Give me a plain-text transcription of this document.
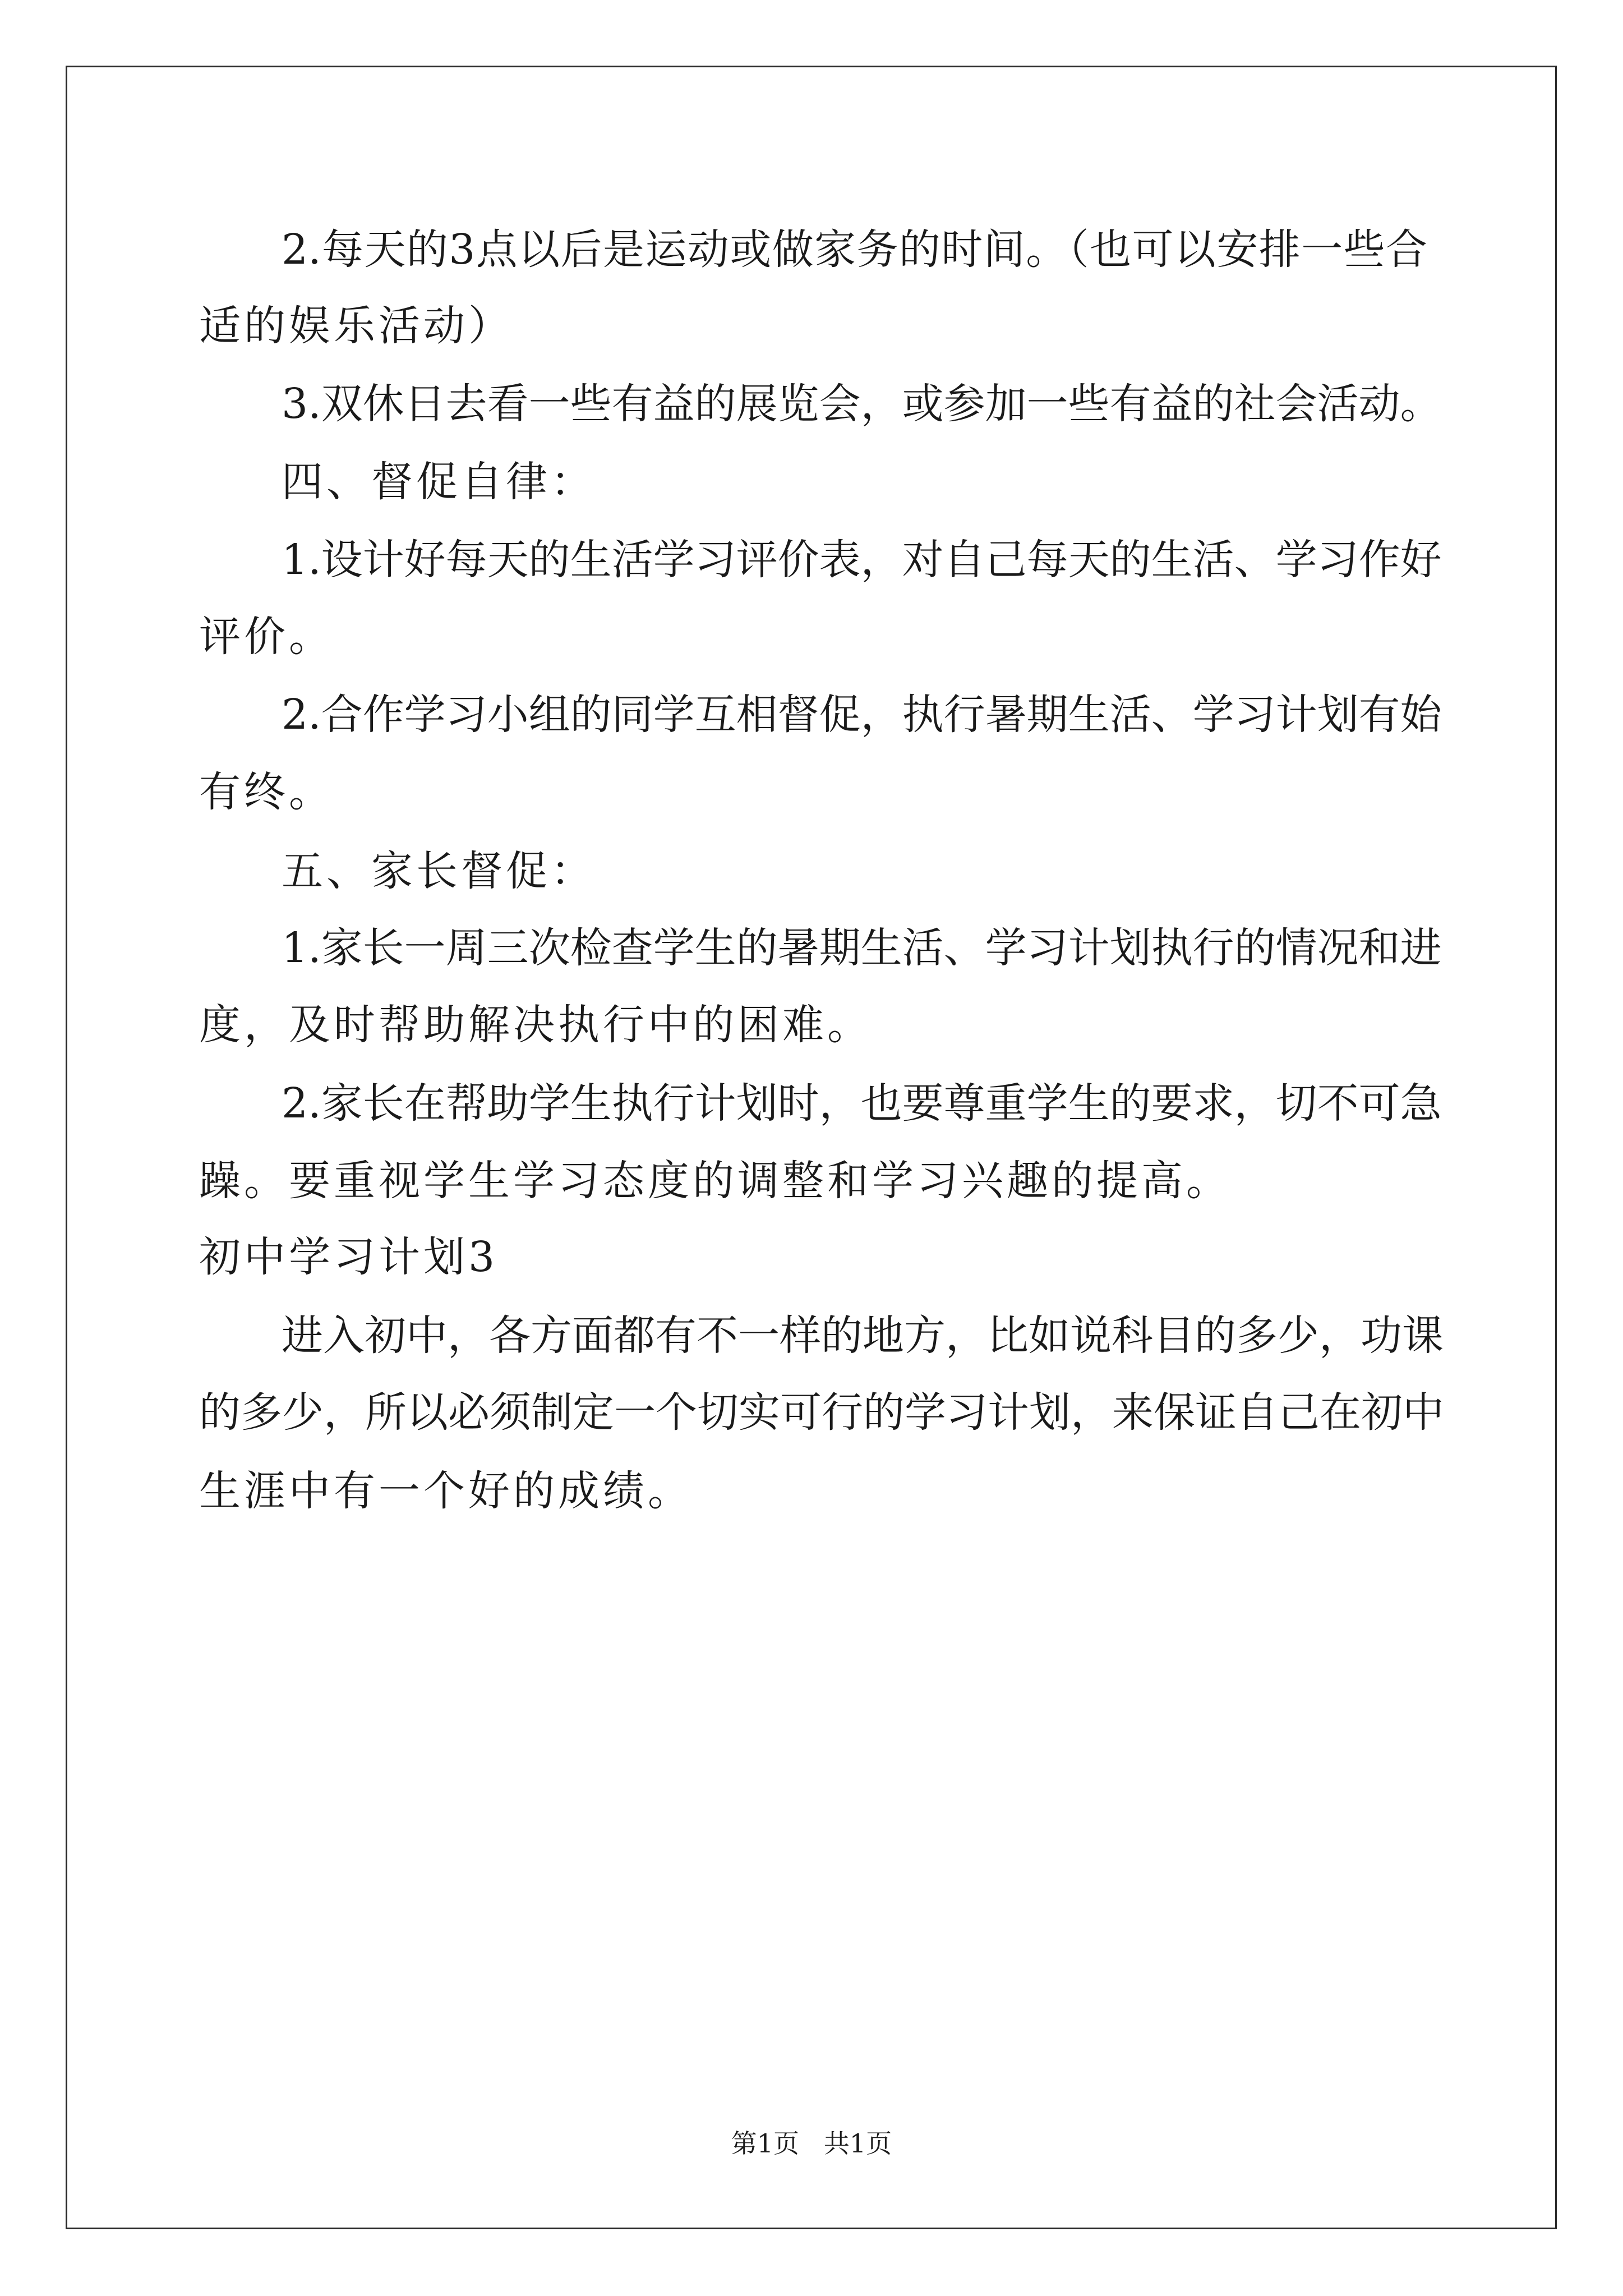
2.每天的3点以后是运动或做家务的时间。（也可以安排一些合
适的娱乐活动）
3.双休日去看一些有益的展览会，或参加一些有益的社会活动。
四、督促自律：
1.设计好每天的生活学习评价表，对自己每天的生活、学习作好
评价。
2.合作学习小组的同学互相督促，执行暑期生活、学习计划有始
有终。
五、家长督促：
1.家长一周三次检查学生的暑期生活、学习计划执行的情况和进
度，及时帮助解决执行中的困难。
2.家长在帮助学生执行计划时，也要尊重学生的要求，切不可急
躁。要重视学生学习态度的调整和学习兴趣的提高。
初中学习计划3
进入初中，各方面都有不一样的地方，比如说科目的多少，功课
的多少，所以必须制定一个切实可行的学习计划，来保证自己在初中
生涯中有一个好的成绩。
第1页   共1页
